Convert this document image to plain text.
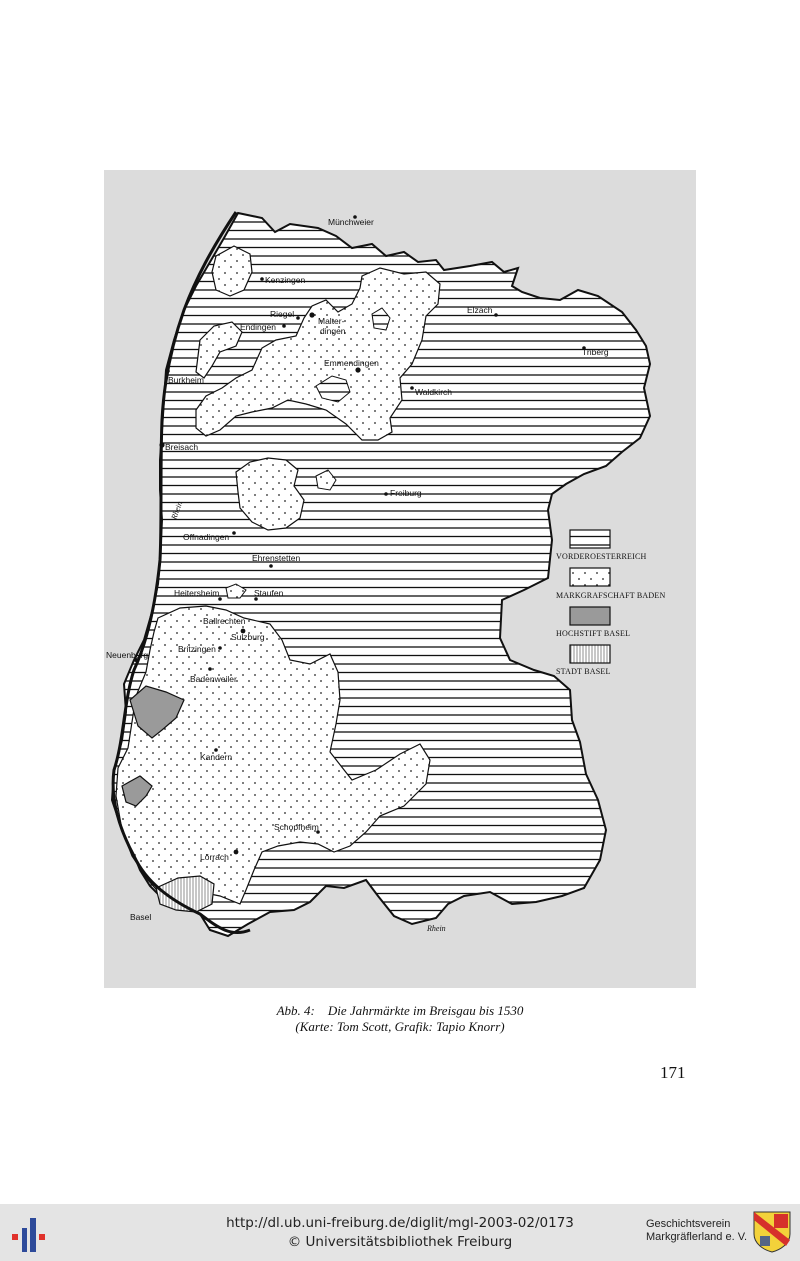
Münchweier
Kenzingen
Riegel
Malter-
dingen
Endingen
Elzach
Triberg
Emmendingen
Burkheim
Waldkirch
Breisach
Freiburg
Offnadingen
Ehrenstetten
Heitersheim	Staufen
Ballrechten
Sulzburg
Britzingen
Neuenburg
Badenweiler
Kandern
Schopfheim
Lörrach
Basel
Rhein
Rhein
VORDEROESTERREICH
MARKGRAFSCHAFT BADEN
HOCHSTIFT BASEL
STADT BASEL
Abb. 4:    Die Jahrmärkte im Breisgau bis 1530
(Karte: Tom Scott, Grafik: Tapio Knorr)
171
http://dl.ub.uni-freiburg.de/diglit/mgl-2003-02/0173
© Universitätsbibliothek Freiburg
Geschichtsverein
Markgräflerland e. V.
